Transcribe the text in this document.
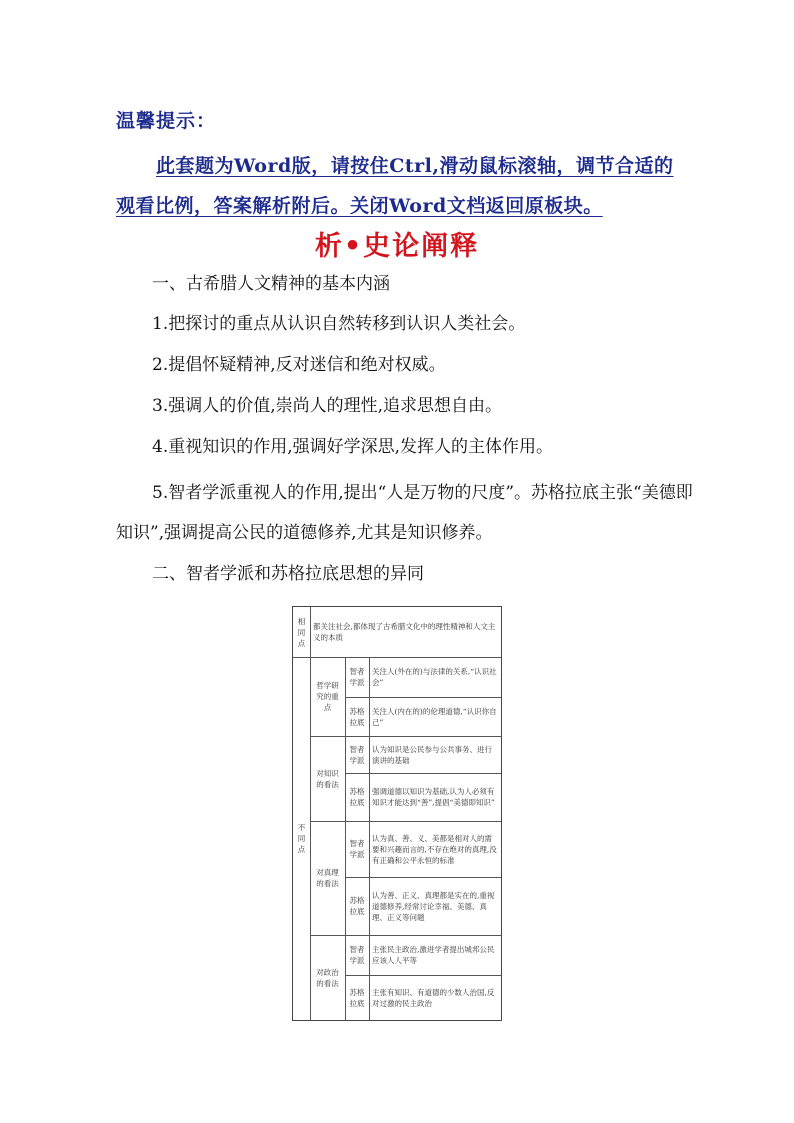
温馨提示：
此套题为Word版，请按住Ctrl,滑动鼠标滚轴，调节合适的观看比例，答案解析附后。关闭Word文档返回原板块。
析•史论阐释
一、古希腊人文精神的基本内涵
1.把探讨的重点从认识自然转移到认识人类社会。
2.提倡怀疑精神,反对迷信和绝对权威。
3.强调人的价值,崇尚人的理性,追求思想自由。
4.重视知识的作用,强调好学深思,发挥人的主体作用。
5.智者学派重视人的作用,提出“人是万物的尺度”。苏格拉底主张“美德即知识”,强调提高公民的道德修养,尤其是知识修养。
二、智者学派和苏格拉底思想的异同
相同点
都关注社会,都体现了古希腊文化中的理性精神和人文主义的本质
不同点
哲学研究的重点
智者学派
关注人(外在的)与法律的关系,“认识社会”
苏格拉底
关注人(内在的)的伦理道德,“认识你自己”
对知识的看法
智者学派
认为知识是公民参与公共事务、进行演讲的基础
苏格拉底
强调道德以知识为基础,认为人必须有知识才能达到“善”,提倡“美德即知识”
对真理的看法
智者学派
认为真、善、义、美都是相对人的需要和兴趣而言的,不存在绝对的真理,没有正确和公平永恒的标准
苏格拉底
认为善、正义、真理都是实在的,重视道德修养,经常讨论幸福、美德、真理、正义等问题
对政治的看法
智者学派
主张民主政治,激进学者提出城邦公民应该人人平等
苏格拉底
主张有知识、有道德的少数人治国,反对过激的民主政治
